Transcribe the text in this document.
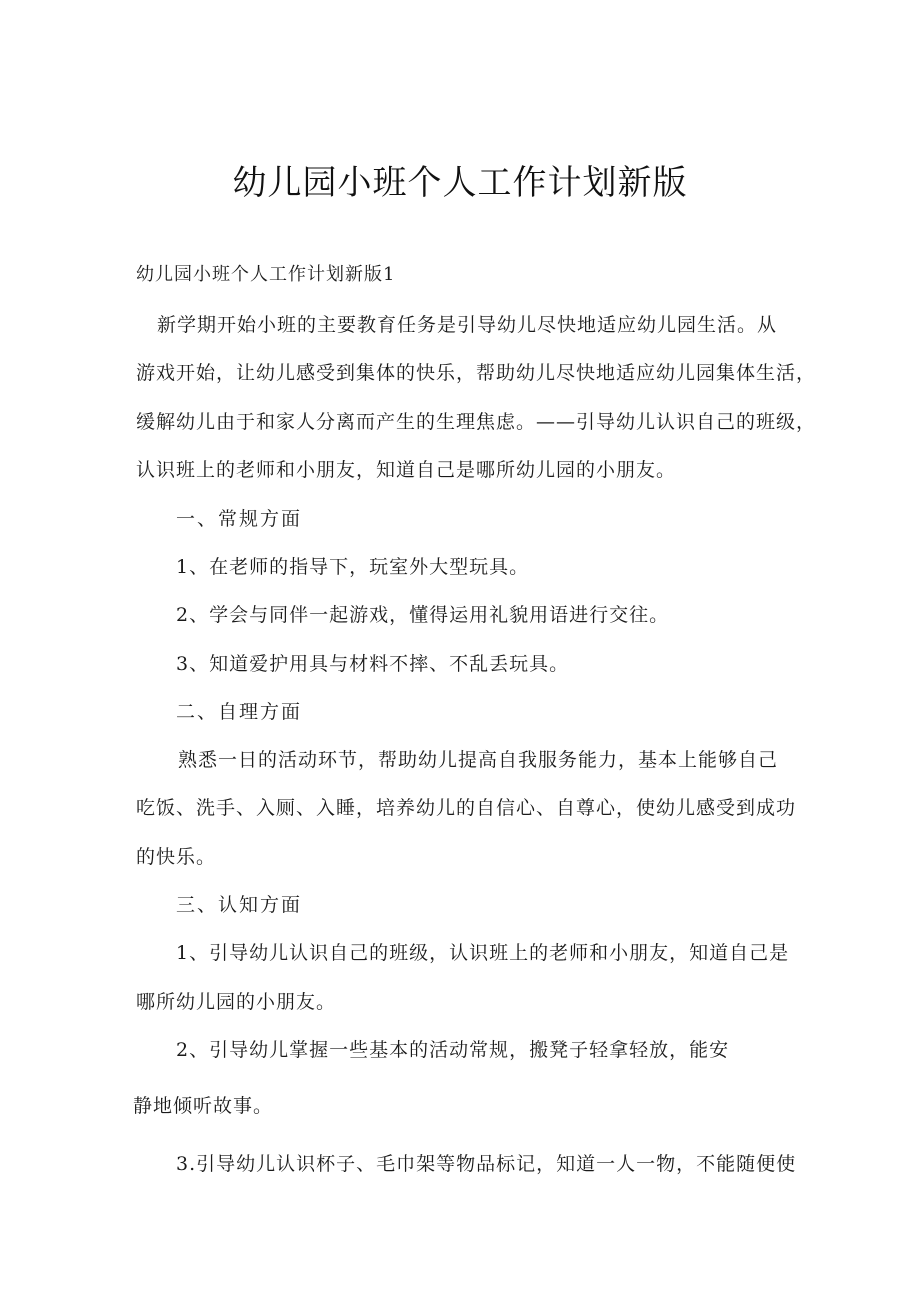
幼儿园小班个人工作计划新版

幼儿园小班个人工作计划新版1

新学期开始小班的主要教育任务是引导幼儿尽快地适应幼儿园生活。从

游戏开始，让幼儿感受到集体的快乐，帮助幼儿尽快地适应幼儿园集体生活，

缓解幼儿由于和家人分离而产生的生理焦虑。——引导幼儿认识自己的班级，

认识班上的老师和小朋友，知道自己是哪所幼儿园的小朋友。

一、常规方面

1、在老师的指导下，玩室外大型玩具。

2、学会与同伴一起游戏，懂得运用礼貌用语进行交往。

3、知道爱护用具与材料不摔、不乱丢玩具。

二、自理方面

熟悉一日的活动环节，帮助幼儿提高自我服务能力，基本上能够自己

吃饭、洗手、入厕、入睡，培养幼儿的自信心、自尊心，使幼儿感受到成功

的快乐。

三、认知方面

1、引导幼儿认识自己的班级，认识班上的老师和小朋友，知道自己是

哪所幼儿园的小朋友。

2、引导幼儿掌握一些基本的活动常规，搬凳子轻拿轻放，能安

静地倾听故事。

3.引导幼儿认识杯子、毛巾架等物品标记，知道一人一物，不能随便使
